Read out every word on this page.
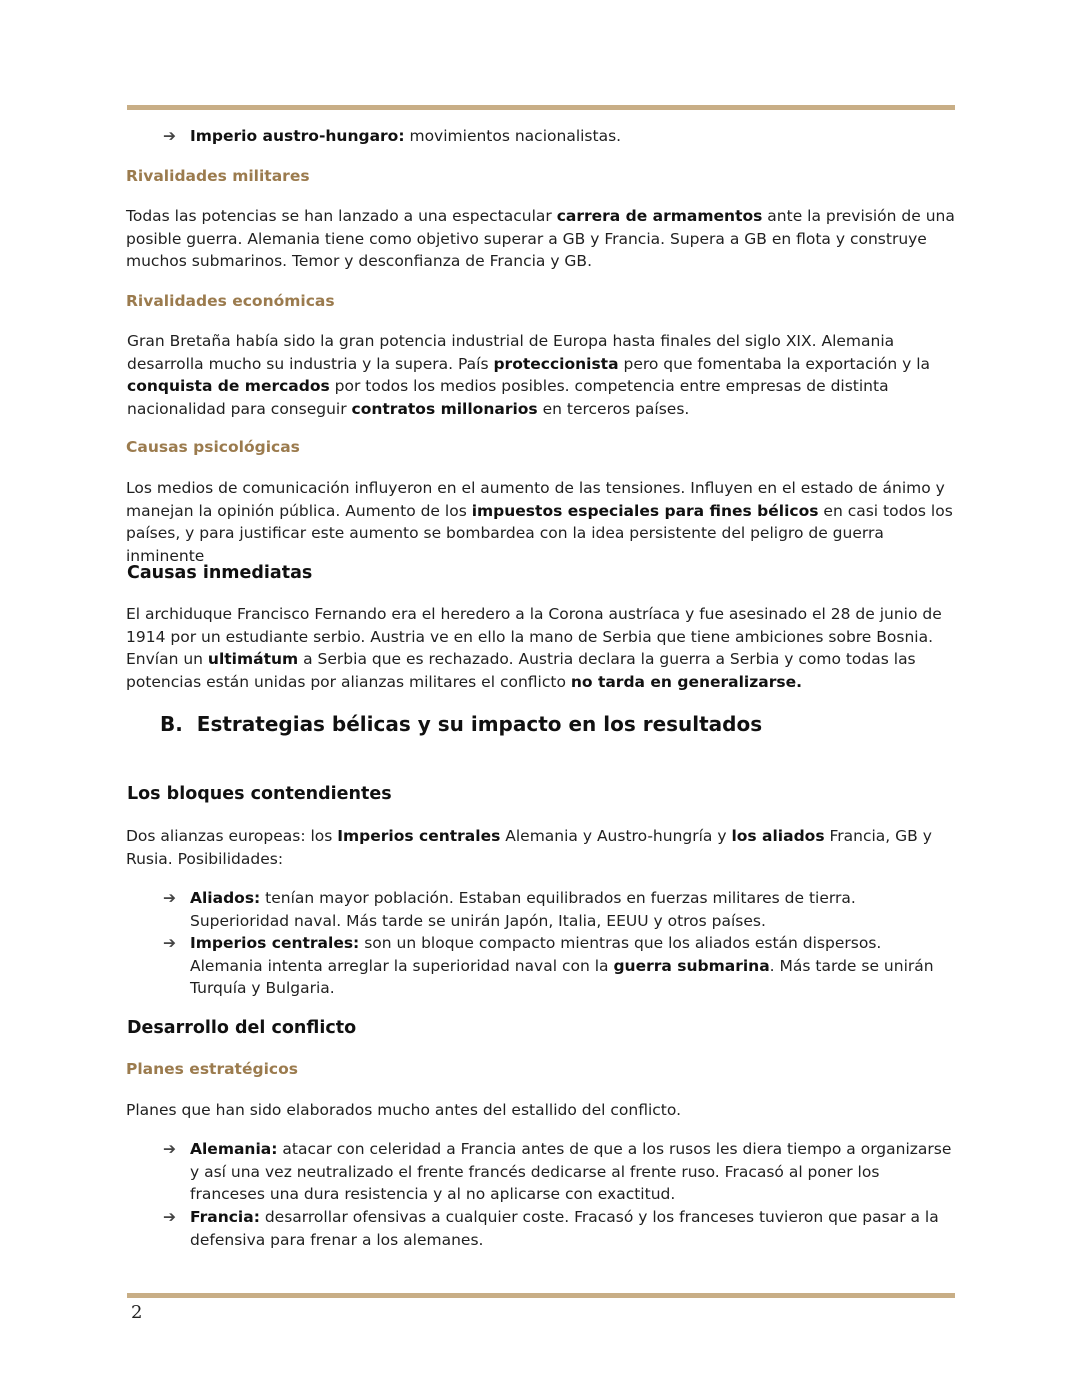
➔ Imperio austro-hungaro: movimientos nacionalistas.
Rivalidades militares

Todas las potencias se han lanzado a una espectacular carrera de armamentos ante la previsión de una posible guerra. Alemania tiene como objetivo superar a GB y Francia. Supera a GB en flota y construye muchos submarinos. Temor y desconfianza de Francia y GB.

Rivalidades económicas

Gran Bretaña había sido la gran potencia industrial de Europa hasta finales del siglo XIX. Alemania desarrolla mucho su industria y la supera. País proteccionista pero que fomentaba la exportación y la conquista de mercados por todos los medios posibles. competencia entre empresas de distinta nacionalidad para conseguir contratos millonarios en terceros países.

Causas psicológicas

Los medios de comunicación influyeron en el aumento de las tensiones. Influyen en el estado de ánimo y manejan la opinión pública. Aumento de los impuestos especiales para fines bélicos en casi todos los países, y para justificar este aumento se bombardea con la idea persistente del peligro de guerra inminente

Causas inmediatas

El archiduque Francisco Fernando era el heredero a la Corona austríaca y fue asesinado el 28 de junio de 1914 por un estudiante serbio. Austria ve en ello la mano de Serbia que tiene ambiciones sobre Bosnia. Envían un ultimátum a Serbia que es rechazado. Austria declara la guerra a Serbia y como todas las potencias están unidas por alianzas militares el conflicto no tarda en generalizarse.

B. Estrategias bélicas y su impacto en los resultados
Los bloques contendientes

Dos alianzas europeas: los Imperios centrales Alemania y Austro-hungría y los aliados Francia, GB y Rusia. Posibilidades:

➔ Aliados: tenían mayor población. Estaban equilibrados en fuerzas militares de tierra. Superioridad naval. Más tarde se unirán Japón, Italia, EEUU y otros países.
➔ Imperios centrales: son un bloque compacto mientras que los aliados están dispersos. Alemania intenta arreglar la superioridad naval con la guerra submarina. Más tarde se unirán Turquía y Bulgaria.
Desarrollo del conflicto
Planes estratégicos

Planes que han sido elaborados mucho antes del estallido del conflicto.

➔ Alemania: atacar con celeridad a Francia antes de que a los rusos les diera tiempo a organizarse y así una vez neutralizado el frente francés dedicarse al frente ruso. Fracasó al poner los franceses una dura resistencia y al no aplicarse con exactitud.
➔ Francia: desarrollar ofensivas a cualquier coste. Fracasó y los franceses tuvieron que pasar a la defensiva para frenar a los alemanes.
2
